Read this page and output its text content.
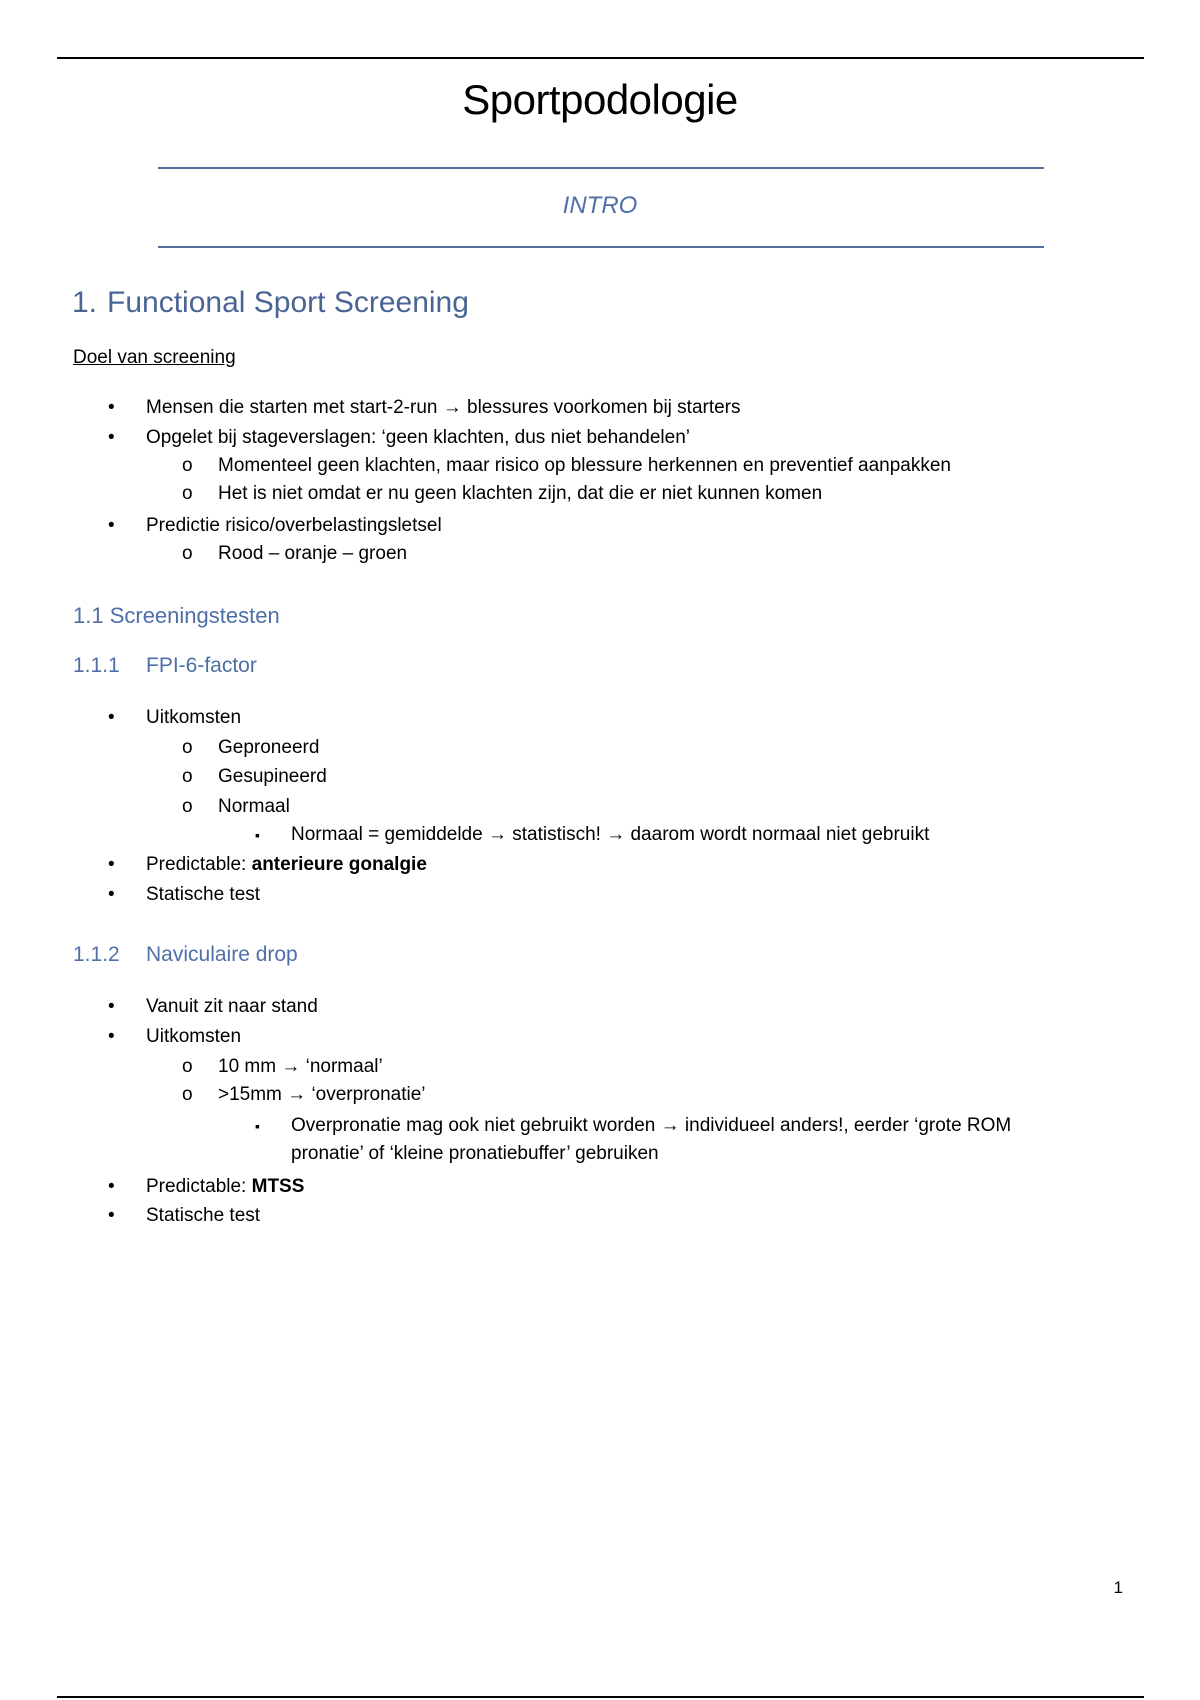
Sportpodologie
INTRO
1. Functional Sport Screening
Doel van screening
• Mensen die starten met start-2-run → blessures voorkomen bij starters
• Opgelet bij stageverslagen: ‘geen klachten, dus niet behandelen’
o Momenteel geen klachten, maar risico op blessure herkennen en preventief aanpakken
o Het is niet omdat er nu geen klachten zijn, dat die er niet kunnen komen
• Predictie risico/overbelastingsletsel
o Rood – oranje – groen
1.1 Screeningstesten
1.1.1 FPI-6-factor
• Uitkomsten
o Geproneerd
o Gesupineerd
o Normaal
▪ Normaal = gemiddelde → statistisch! → daarom wordt normaal niet gebruikt
• Predictable: anterieure gonalgie
• Statische test
1.1.2 Naviculaire drop
• Vanuit zit naar stand
• Uitkomsten
o 10 mm → ‘normaal’
o >15mm → ‘overpronatie’
▪ Overpronatie mag ook niet gebruikt worden → individueel anders!, eerder ‘grote ROM
pronatie’ of ‘kleine pronatiebuffer’ gebruiken
• Predictable: MTSS
• Statische test
1
